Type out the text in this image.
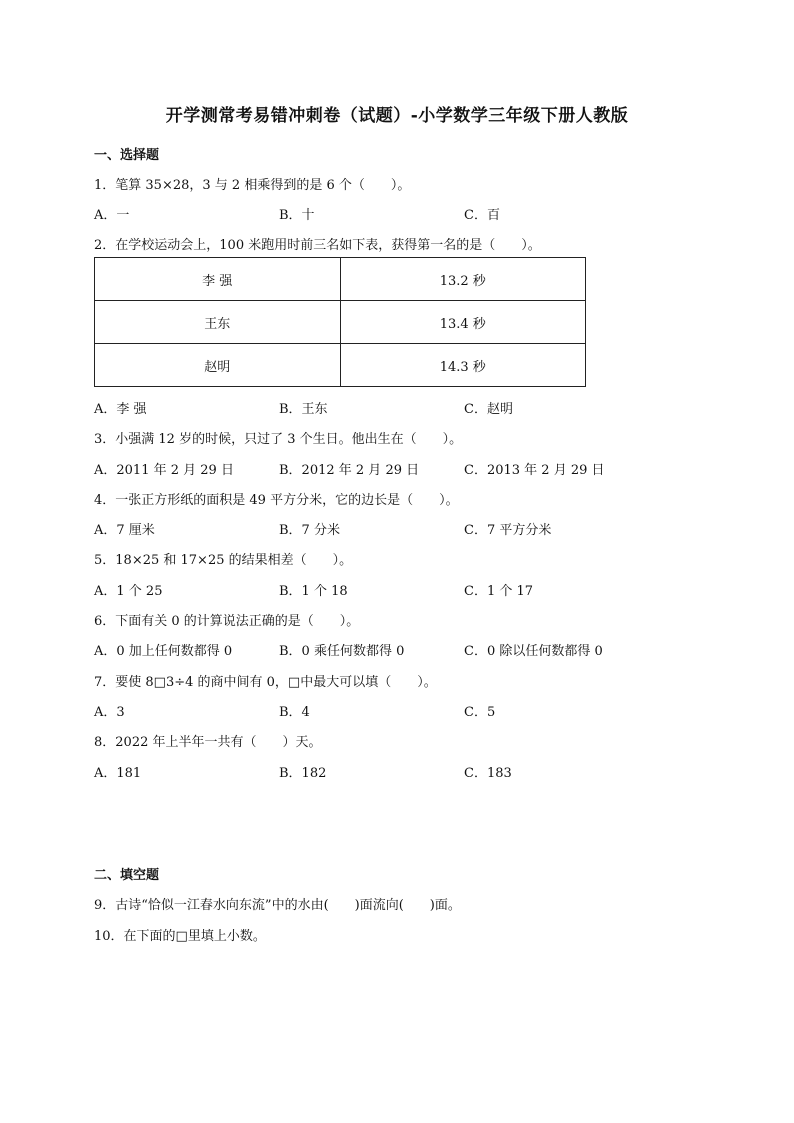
开学测常考易错冲刺卷（试题）-小学数学三年级下册人教版
一、选择题
1．笔算 35×28，3 与 2 相乘得到的是 6 个（　　）。
A．一	B．十	C．百
2．在学校运动会上，100 米跑用时前三名如下表，获得第一名的是（　　）。
李 强	13.2 秒
王东	13.4 秒
赵明	14.3 秒
A．李 强	B．王东	C．赵明
3．小强满 12 岁的时候，只过了 3 个生日。他出生在（　　）。
A．2011 年 2 月 29 日	B．2012 年 2 月 29 日	C．2013 年 2 月 29 日
4．一张正方形纸的面积是 49 平方分米，它的边长是（　　）。
A．7 厘米	B．7 分米	C．7 平方分米
5．18×25 和 17×25 的结果相差（　　）。
A．1 个 25	B．1 个 18	C．1 个 17
6．下面有关 0 的计算说法正确的是（　　）。
A．0 加上任何数都得 0	B．0 乘任何数都得 0	C．0 除以任何数都得 0
7．要使 8□3÷4 的商中间有 0，□中最大可以填（　　）。
A．3	B．4	C．5
8．2022 年上半年一共有（　　）天。
A．181	B．182	C．183
二、填空题
9．古诗“恰似一江春水向东流”中的水由(　　)面流向(　　)面。
10．在下面的□里填上小数。
